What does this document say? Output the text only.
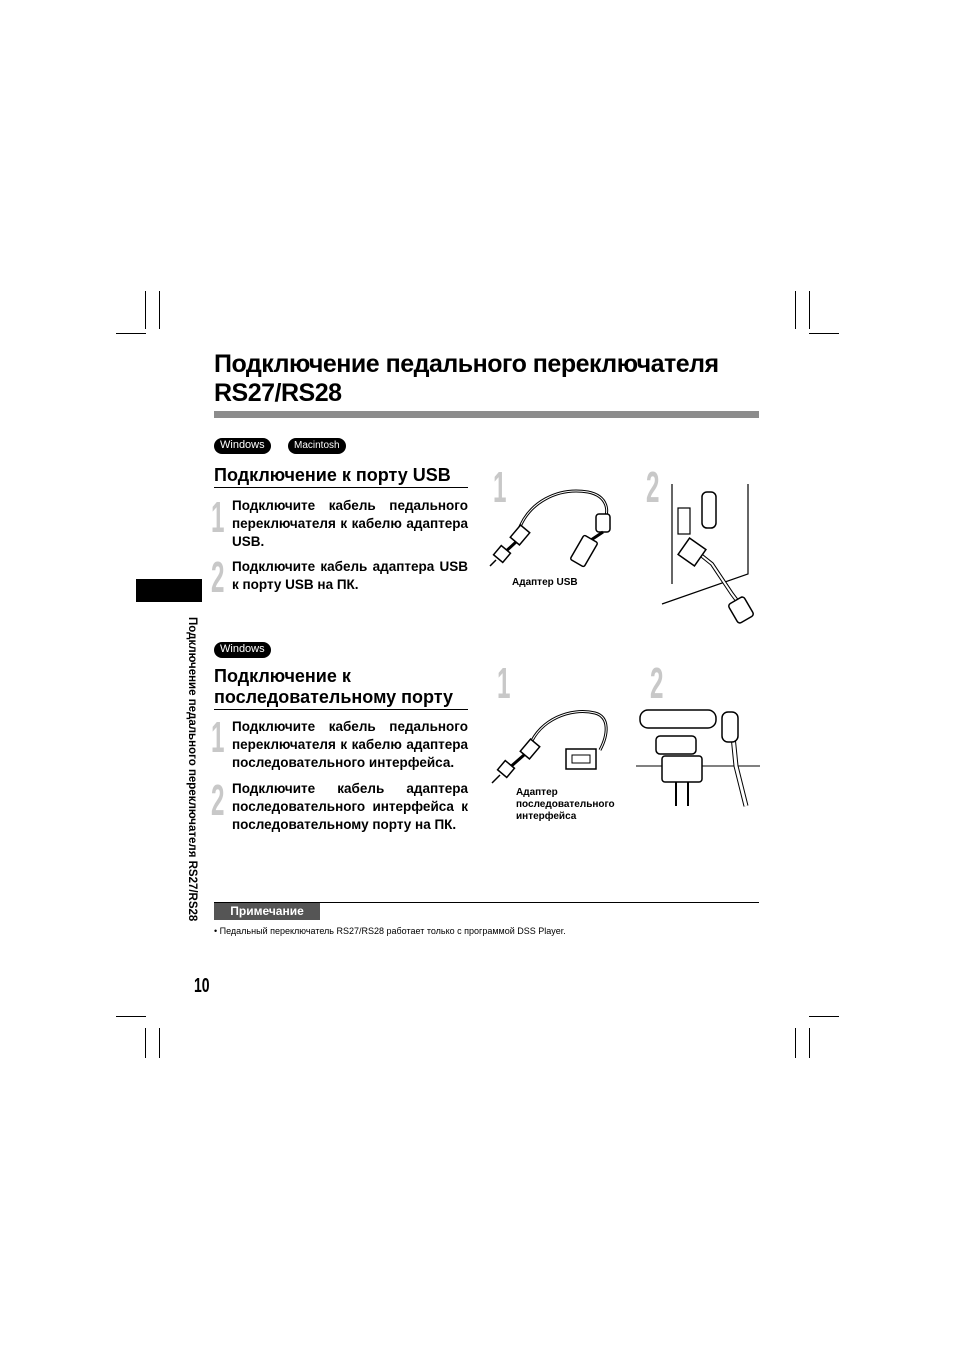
Подключение педального переключателя
RS27/RS28
Подключение педального переключателя RS27/RS28
Windows	Macintosh
Подключение к порту USB
1 Подключите кабель педального переключателя к кабелю адаптера USB.
2 Подключите кабель адаптера USB к порту USB на ПК.
1	2
Адаптер USB
Windows
Подключение к
последовательному порту
1 Подключите кабель педального переключателя к кабелю адаптера последовательного интерфейса.
2 Подключите кабель адаптера последовательного интерфейса к последовательному порту на ПК.
1	2
Адаптер
последовательного
интерфейса
Примечание
• Педальный переключатель RS27/RS28 работает только с программой DSS Player.
10
